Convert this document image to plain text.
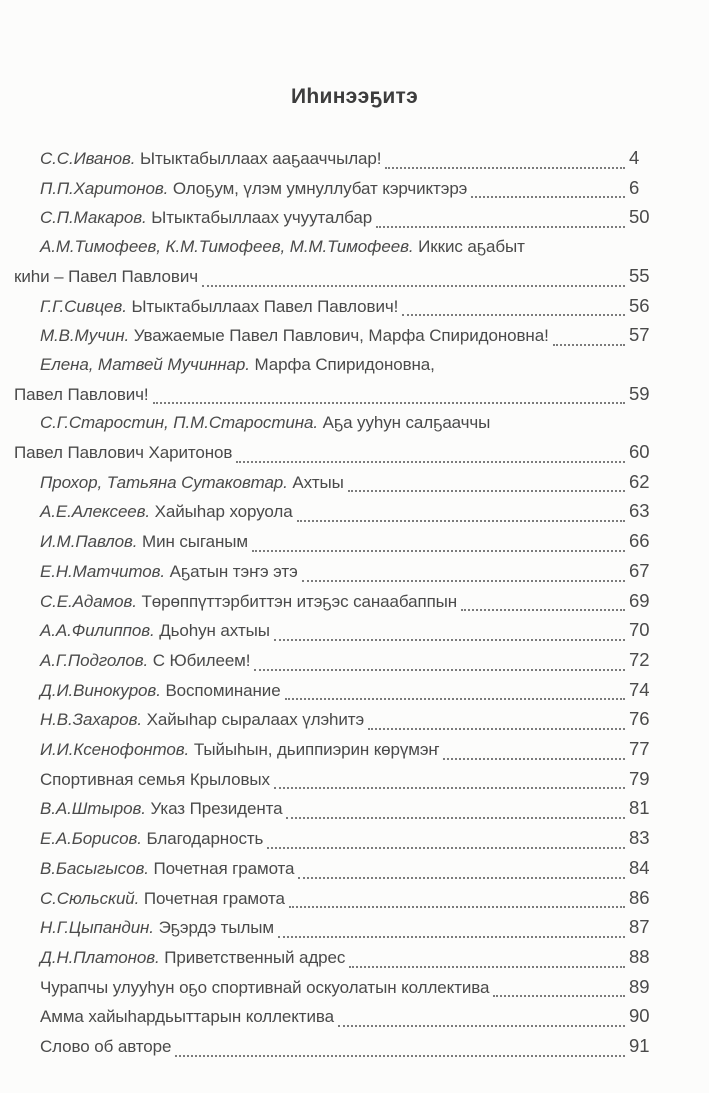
Иһинээҕитэ
С.С.Иванов. Ытыктабыллаах ааҕааччылар!	4
П.П.Харитонов. Олоҕум, үлэм умнуллубат кэрчиктэрэ	6
С.П.Макаров. Ытыктабыллаах учууталбар	50
А.М.Тимофеев, К.М.Тимофеев, М.М.Тимофеев. Иккис аҕабыт
киһи – Павел Павлович	55
Г.Г.Сивцев. Ытыктабыллаах Павел Павлович!	56
М.В.Мучин. Уважаемые Павел Павлович, Марфа Спиридоновна!	57
Елена, Матвей Мучиннар. Марфа Спиридоновна,
Павел Павлович!	59
С.Г.Старостин, П.М.Старостина. Аҕа ууһун салҕааччы
Павел Павлович Харитонов	60
Прохор, Татьяна Сутаковтар. Ахтыы	62
А.Е.Алексеев. Хайыһар хоруола	63
И.М.Павлов. Мин сыганым	66
Е.Н.Матчитов. Аҕатын тэҥэ этэ	67
С.Е.Адамов. Төрөппүттэрбиттэн итэҕэс санаабаппын	69
А.А.Филиппов. Дьоһун ахтыы	70
А.Г.Подголов. С Юбилеем!	72
Д.И.Винокуров. Воспоминание	74
Н.В.Захаров. Хайыһар сыралаах үлэһитэ	76
И.И.Ксенофонтов. Тыйыһын, дьиппиэрин көрүмэҥ	77
Спортивная семья Крыловых	79
В.А.Штыров. Указ Президента	81
Е.А.Борисов. Благодарность	83
В.Басыгысов. Почетная грамота	84
С.Сюльский. Почетная грамота	86
Н.Г.Цыпандин. Эҕэрдэ тылым	87
Д.Н.Платонов. Приветственный адрес	88
Чурапчы улууһун оҕо спортивнай оскуолатын коллектива	89
Амма хайыһардьыттарын коллектива	90
Слово об авторе	91
